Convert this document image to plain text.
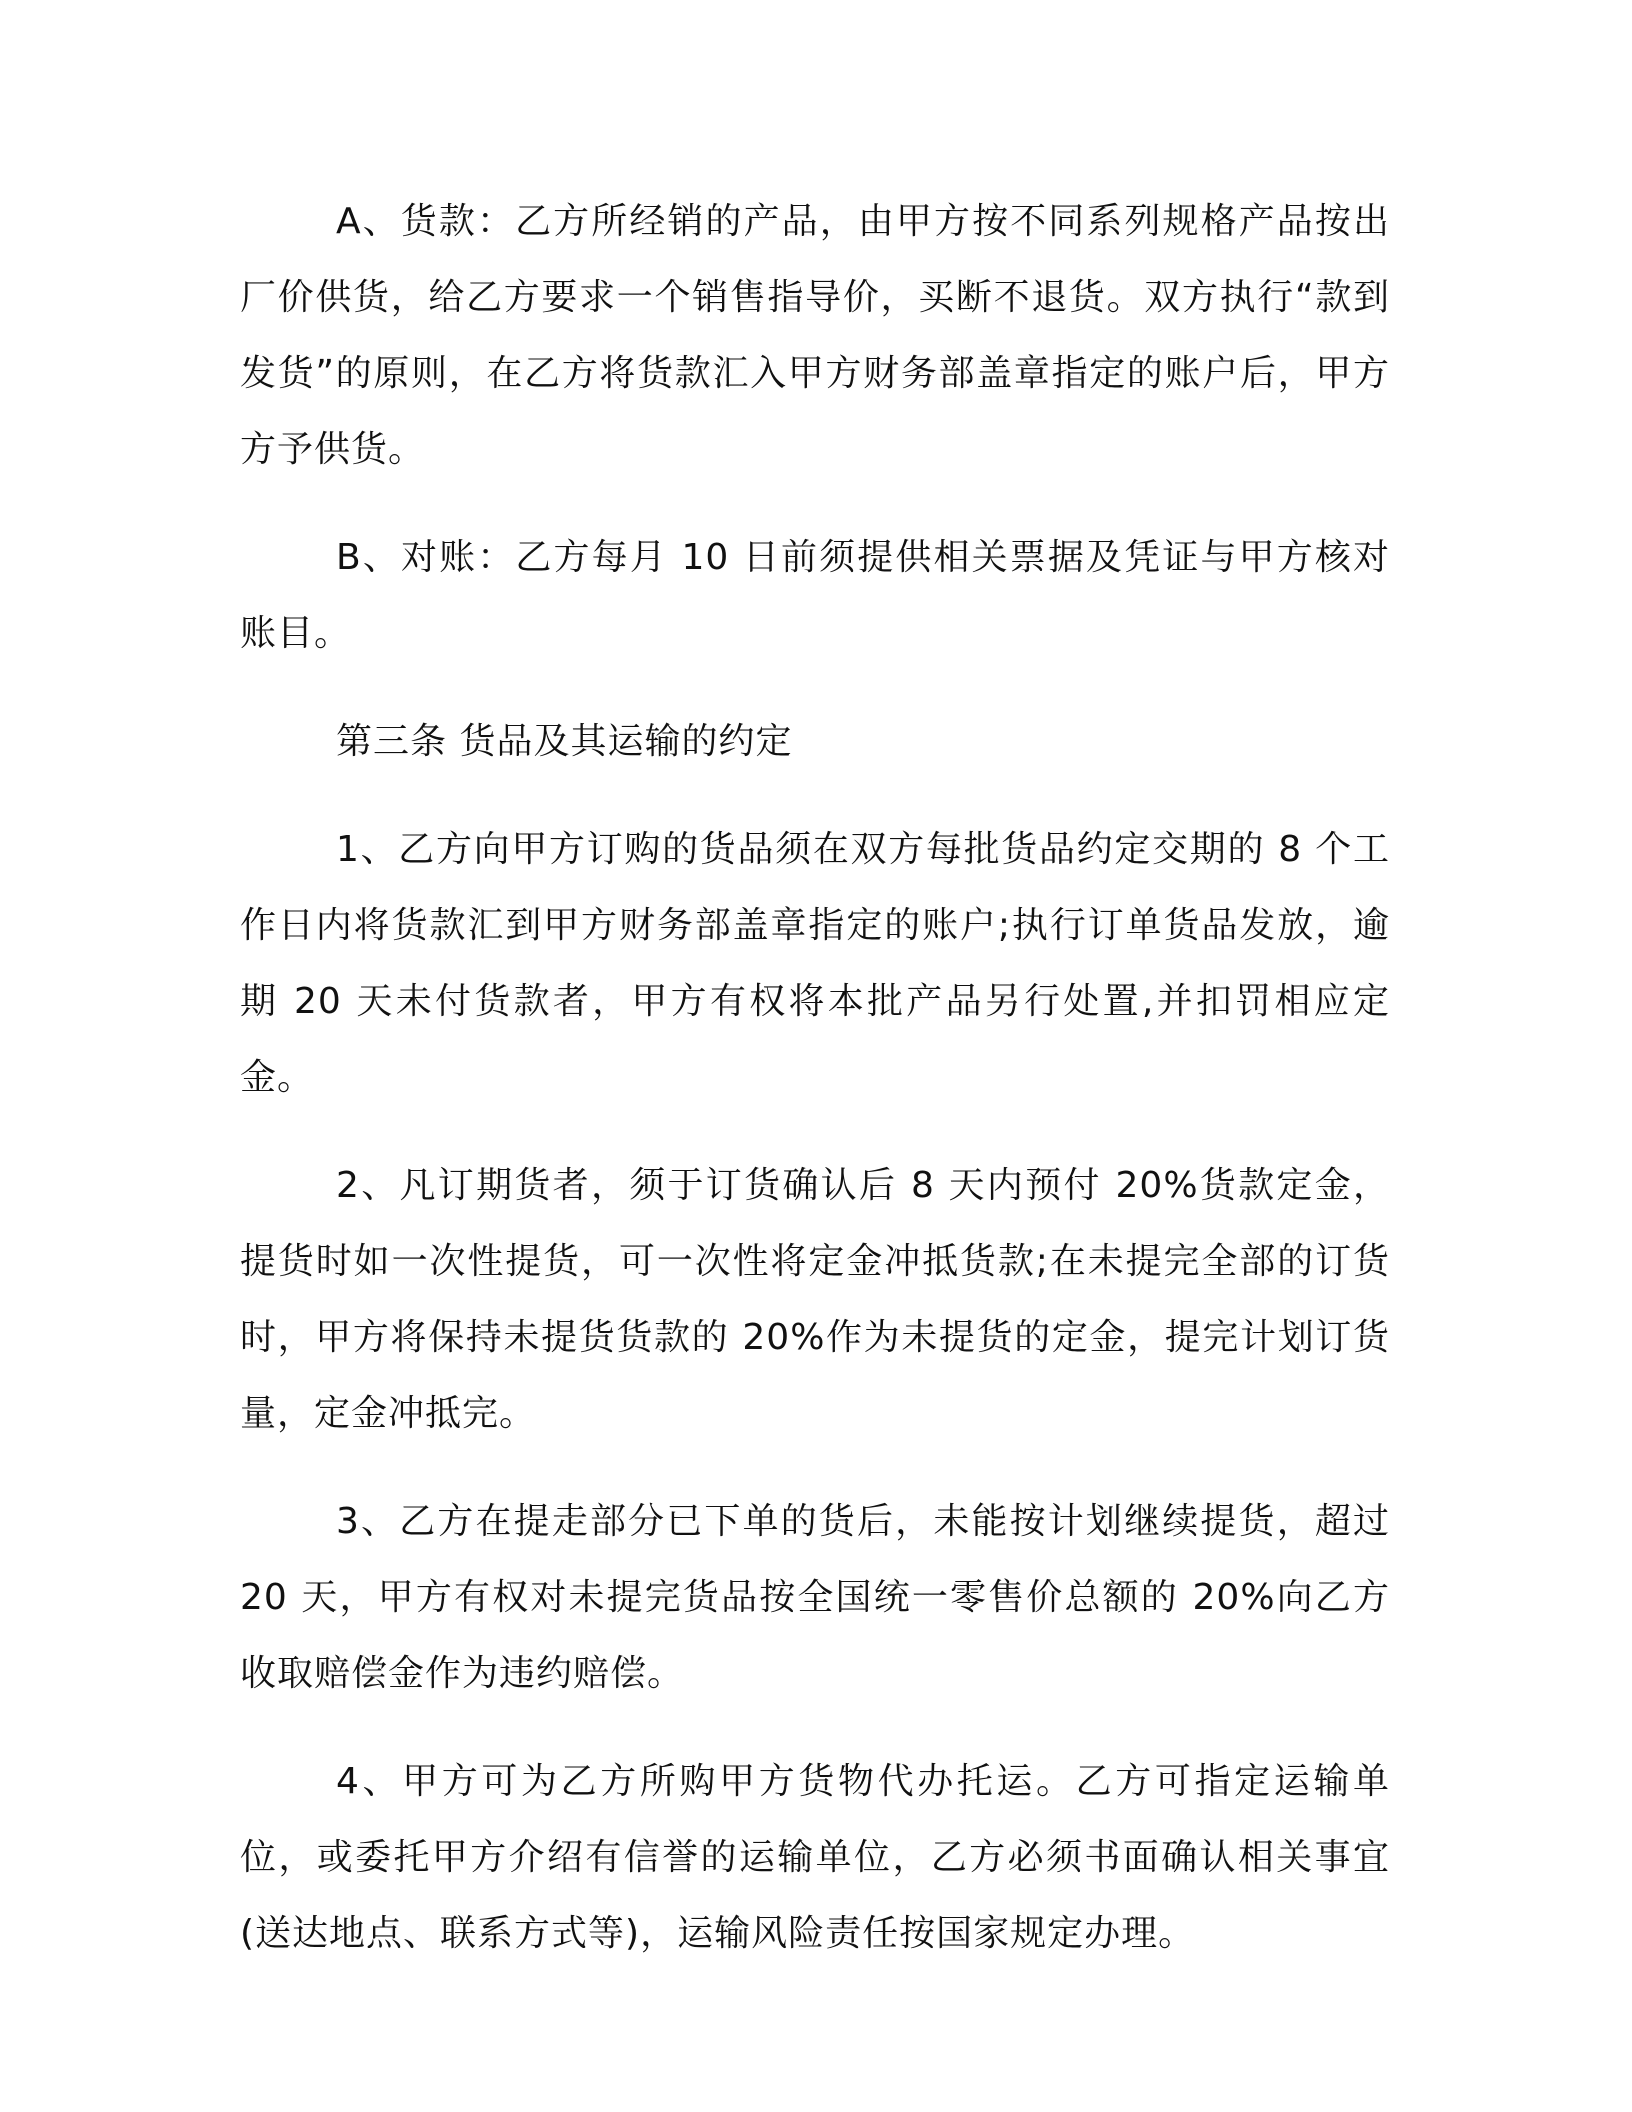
A、货款：乙方所经销的产品，由甲方按不同系列规格产品按出厂价供货，给乙方要求一个销售指导价，买断不退货。双方执行“款到发货”的原则，在乙方将货款汇入甲方财务部盖章指定的账户后，甲方方予供货。

B、对账：乙方每月 10 日前须提供相关票据及凭证与甲方核对账目。

第三条 货品及其运输的约定

1、乙方向甲方订购的货品须在双方每批货品约定交期的 8 个工作日内将货款汇到甲方财务部盖章指定的账户;执行订单货品发放，逾期 20 天未付货款者，甲方有权将本批产品另行处置,并扣罚相应定金。

2、凡订期货者，须于订货确认后 8 天内预付 20%货款定金，提货时如一次性提货，可一次性将定金冲抵货款;在未提完全部的订货时，甲方将保持未提货货款的 20%作为未提货的定金，提完计划订货量，定金冲抵完。

3、乙方在提走部分已下单的货后，未能按计划继续提货，超过 20 天，甲方有权对未提完货品按全国统一零售价总额的 20%向乙方收取赔偿金作为违约赔偿。

4、甲方可为乙方所购甲方货物代办托运。乙方可指定运输单位，或委托甲方介绍有信誉的运输单位，乙方必须书面确认相关事宜(送达地点、联系方式等)，运输风险责任按国家规定办理。
